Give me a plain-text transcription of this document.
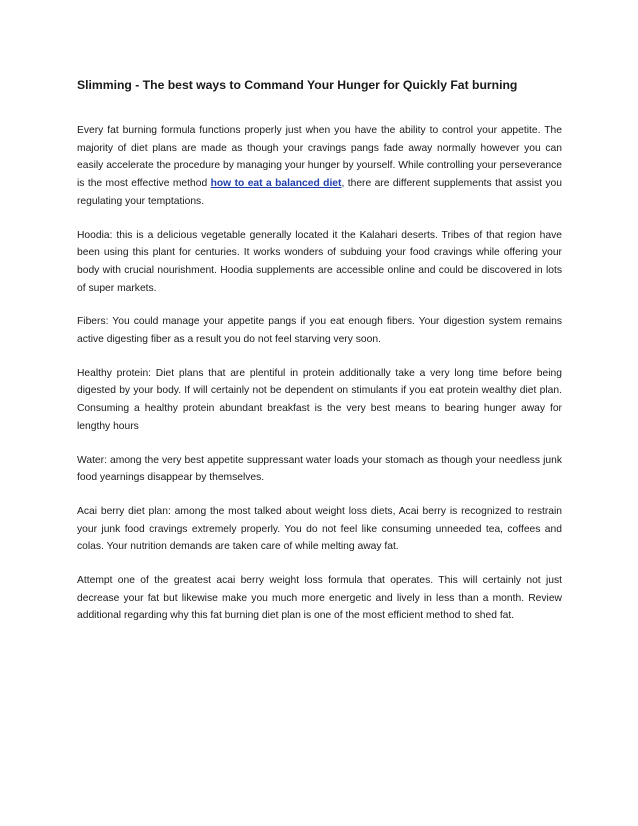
Slimming - The best ways to Command Your Hunger for Quickly Fat burning

Every fat burning formula functions properly just when you have the ability to control your appetite. The majority of diet plans are made as though your cravings pangs fade away normally however you can easily accelerate the procedure by managing your hunger by yourself. While controlling your perseverance is the most effective method how to eat a balanced diet, there are different supplements that assist you regulating your temptations.

Hoodia: this is a delicious vegetable generally located it the Kalahari deserts. Tribes of that region have been using this plant for centuries. It works wonders of subduing your food cravings while offering your body with crucial nourishment. Hoodia supplements are accessible online and could be discovered in lots of super markets.

Fibers: You could manage your appetite pangs if you eat enough fibers. Your digestion system remains active digesting fiber as a result you do not feel starving very soon.

Healthy protein: Diet plans that are plentiful in protein additionally take a very long time before being digested by your body. If will certainly not be dependent on stimulants if you eat protein wealthy diet plan. Consuming a healthy protein abundant breakfast is the very best means to bearing hunger away for lengthy hours

Water: among the very best appetite suppressant water loads your stomach as though your needless junk food yearnings disappear by themselves.

Acai berry diet plan: among the most talked about weight loss diets, Acai berry is recognized to restrain your junk food cravings extremely properly. You do not feel like consuming unneeded tea, coffees and colas. Your nutrition demands are taken care of while melting away fat.

Attempt one of the greatest acai berry weight loss formula that operates. This will certainly not just decrease your fat but likewise make you much more energetic and lively in less than a month. Review additional regarding why this fat burning diet plan is one of the most efficient method to shed fat.
